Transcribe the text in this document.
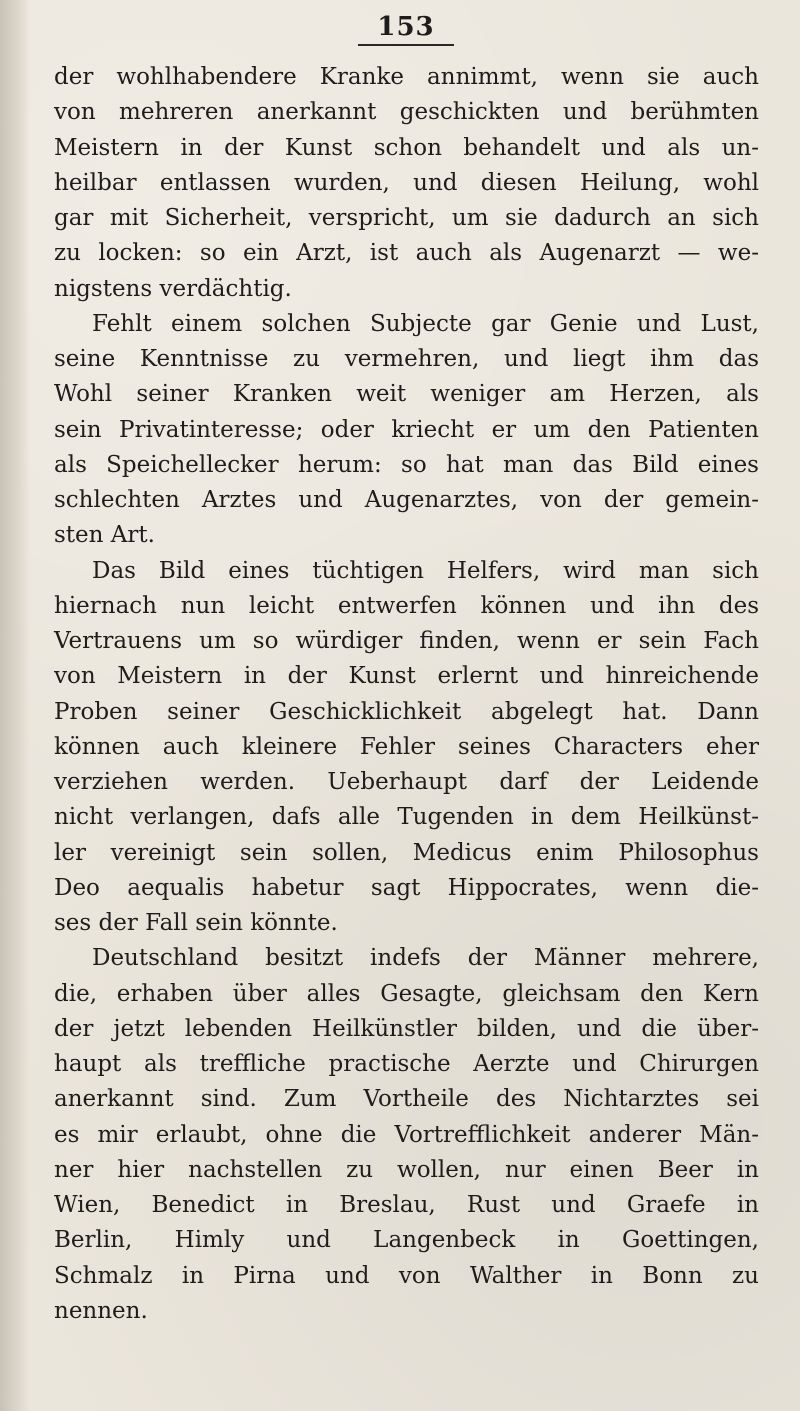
153
der wohlhabendere Kranke annimmt, wenn sie auch
von mehreren anerkannt geschickten und berühmten
Meistern in der Kunst schon behandelt und als un-
heilbar entlassen wurden, und diesen Heilung, wohl
gar mit Sicherheit, verspricht, um sie dadurch an sich
zu locken: so ein Arzt, ist auch als Augenarzt — we-
nigstens verdächtig.
Fehlt einem solchen Subjecte gar Genie und Lust,
seine Kenntnisse zu vermehren, und liegt ihm das
Wohl seiner Kranken weit weniger am Herzen, als
sein Privatinteresse; oder kriecht er um den Patienten
als Speichellecker herum: so hat man das Bild eines
schlechten Arztes und Augenarztes, von der gemein-
sten Art.
Das Bild eines tüchtigen Helfers, wird man sich
hiernach nun leicht entwerfen können und ihn des
Vertrauens um so würdiger finden, wenn er sein Fach
von Meistern in der Kunst erlernt und hinreichende
Proben seiner Geschicklichkeit abgelegt hat. Dann
können auch kleinere Fehler seines Characters eher
verziehen werden. Ueberhaupt darf der Leidende
nicht verlangen, dafs alle Tugenden in dem Heilkünst-
ler vereinigt sein sollen, Medicus enim Philosophus
Deo aequalis habetur sagt Hippocrates, wenn die-
ses der Fall sein könnte.
Deutschland besitzt indefs der Männer mehrere,
die, erhaben über alles Gesagte, gleichsam den Kern
der jetzt lebenden Heilkünstler bilden, und die über-
haupt als treffliche practische Aerzte und Chirurgen
anerkannt sind. Zum Vortheile des Nichtarztes sei
es mir erlaubt, ohne die Vortrefflichkeit anderer Män-
ner hier nachstellen zu wollen, nur einen Beer in
Wien, Benedict in Breslau, Rust und Graefe in
Berlin, Himly und Langenbeck in Goettingen,
Schmalz in Pirna und von Walther in Bonn zu
nennen.
